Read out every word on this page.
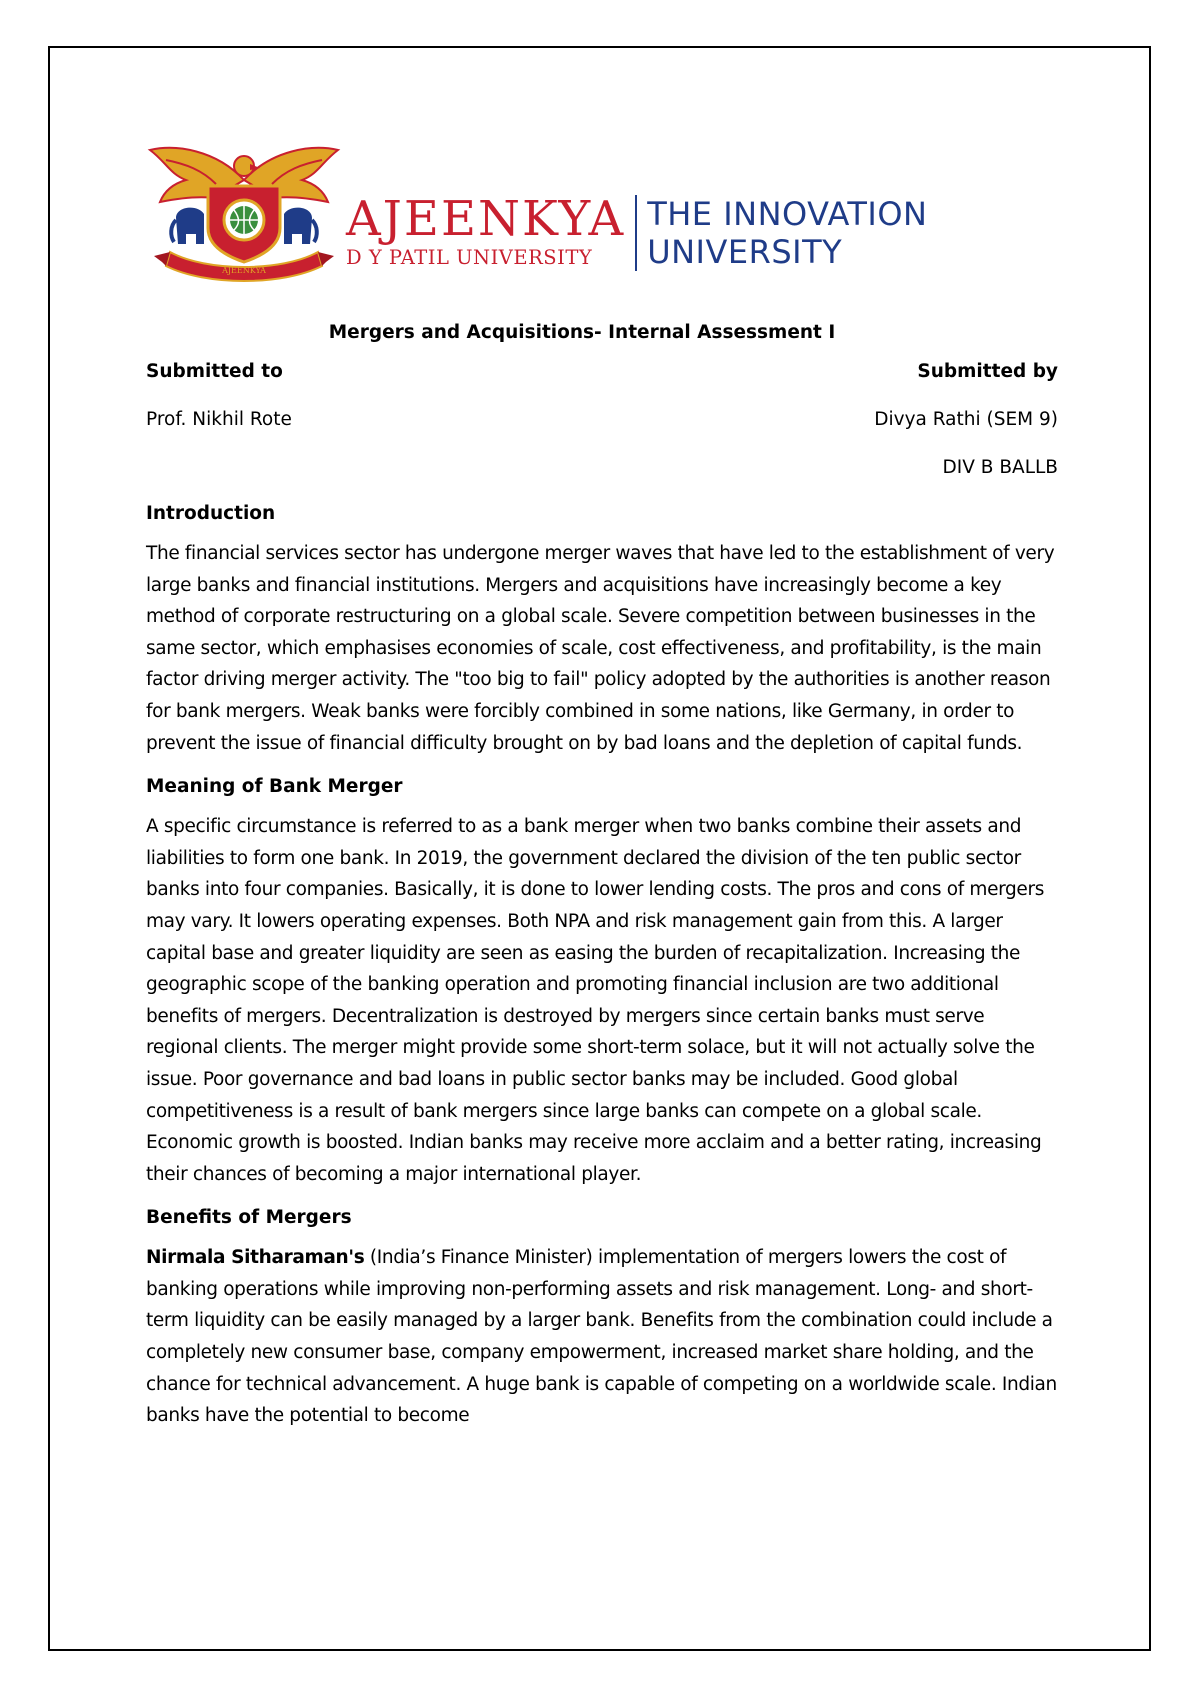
AJEENKYA
AJEENKYA
D Y PATIL UNIVERSITY
THE INNOVATION
UNIVERSITY
Mergers and Acquisitions- Internal Assessment I
Submitted to	Submitted by
Prof. Nikhil Rote	Divya Rathi (SEM 9)
DIV B BALLB
Introduction

The financial services sector has undergone merger waves that have led to the establishment of very large banks and financial institutions. Mergers and acquisitions have increasingly become a key method of corporate restructuring on a global scale. Severe competition between businesses in the same sector, which emphasises economies of scale, cost effectiveness, and profitability, is the main factor driving merger activity. The "too big to fail" policy adopted by the authorities is another reason for bank mergers. Weak banks were forcibly combined in some nations, like Germany, in order to prevent the issue of financial difficulty brought on by bad loans and the depletion of capital funds.

Meaning of Bank Merger

A specific circumstance is referred to as a bank merger when two banks combine their assets and liabilities to form one bank. In 2019, the government declared the division of the ten public sector banks into four companies. Basically, it is done to lower lending costs. The pros and cons of mergers may vary. It lowers operating expenses. Both NPA and risk management gain from this. A larger capital base and greater liquidity are seen as easing the burden of recapitalization. Increasing the geographic scope of the banking operation and promoting financial inclusion are two additional benefits of mergers. Decentralization is destroyed by mergers since certain banks must serve regional clients. The merger might provide some short-term solace, but it will not actually solve the issue. Poor governance and bad loans in public sector banks may be included. Good global competitiveness is a result of bank mergers since large banks can compete on a global scale. Economic growth is boosted. Indian banks may receive more acclaim and a better rating, increasing their chances of becoming a major international player.

Benefits of Mergers

Nirmala Sitharaman's (India’s Finance Minister) implementation of mergers lowers the cost of banking operations while improving non-performing assets and risk management. Long- and short-term liquidity can be easily managed by a larger bank. Benefits from the combination could include a completely new consumer base, company empowerment, increased market share holding, and the chance for technical advancement. A huge bank is capable of competing on a worldwide scale. Indian banks have the potential to become
